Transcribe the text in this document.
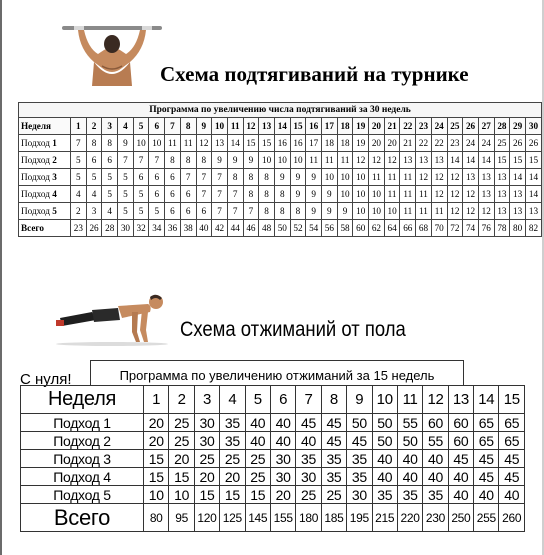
Схема подтягиваний на турнике
Программа по увеличению числа подтягиваний за 30 недель																														
Неделя	1	2	3	4	5	6	7	8	9	10	11	12	13	14	15	16	17	18	19	20	21	22	23	24	25	26	27	28	29	30
Подход 1	7	8	8	9	10	10	11	11	12	13	14	15	15	16	16	17	18	18	19	20	20	21	22	22	23	24	24	25	26	26
Подход 2	5	6	6	7	7	7	8	8	8	9	9	9	10	10	10	11	11	11	12	12	12	13	13	13	14	14	14	15	15	15
Подход 3	5	5	5	5	6	6	6	7	7	7	8	8	8	9	9	9	10	10	10	11	11	11	12	12	12	13	13	13	14	14
Подход 4	4	4	5	5	5	6	6	6	7	7	7	8	8	8	9	9	9	10	10	10	11	11	11	12	12	12	13	13	13	14
Подход 5	2	3	4	5	5	5	6	6	6	7	7	7	8	8	8	9	9	9	10	10	10	11	11	11	12	12	12	13	13	13
Всего	23	26	28	30	32	34	36	38	40	42	44	46	48	50	52	54	56	58	60	62	64	66	68	70	72	74	76	78	80	82
Схема отжиманий от пола
С нуля!	Программа по увеличению отжиманий за 15 недель
Неделя	1	2	3	4	5	6	7	8	9	10	11	12	13	14	15
Подход 1	20	25	30	35	40	40	45	45	50	50	55	60	60	65	65
Подход 2	20	25	30	35	40	40	40	45	45	50	50	55	60	65	65
Подход 3	15	20	25	25	25	30	35	35	35	40	40	40	45	45	45
Подход 4	15	15	20	20	25	30	30	35	35	40	40	40	40	45	45
Подход 5	10	10	15	15	15	20	25	25	30	35	35	35	40	40	40
Всего	80	95	120	125	145	155	180	185	195	215	220	230	250	255	260
